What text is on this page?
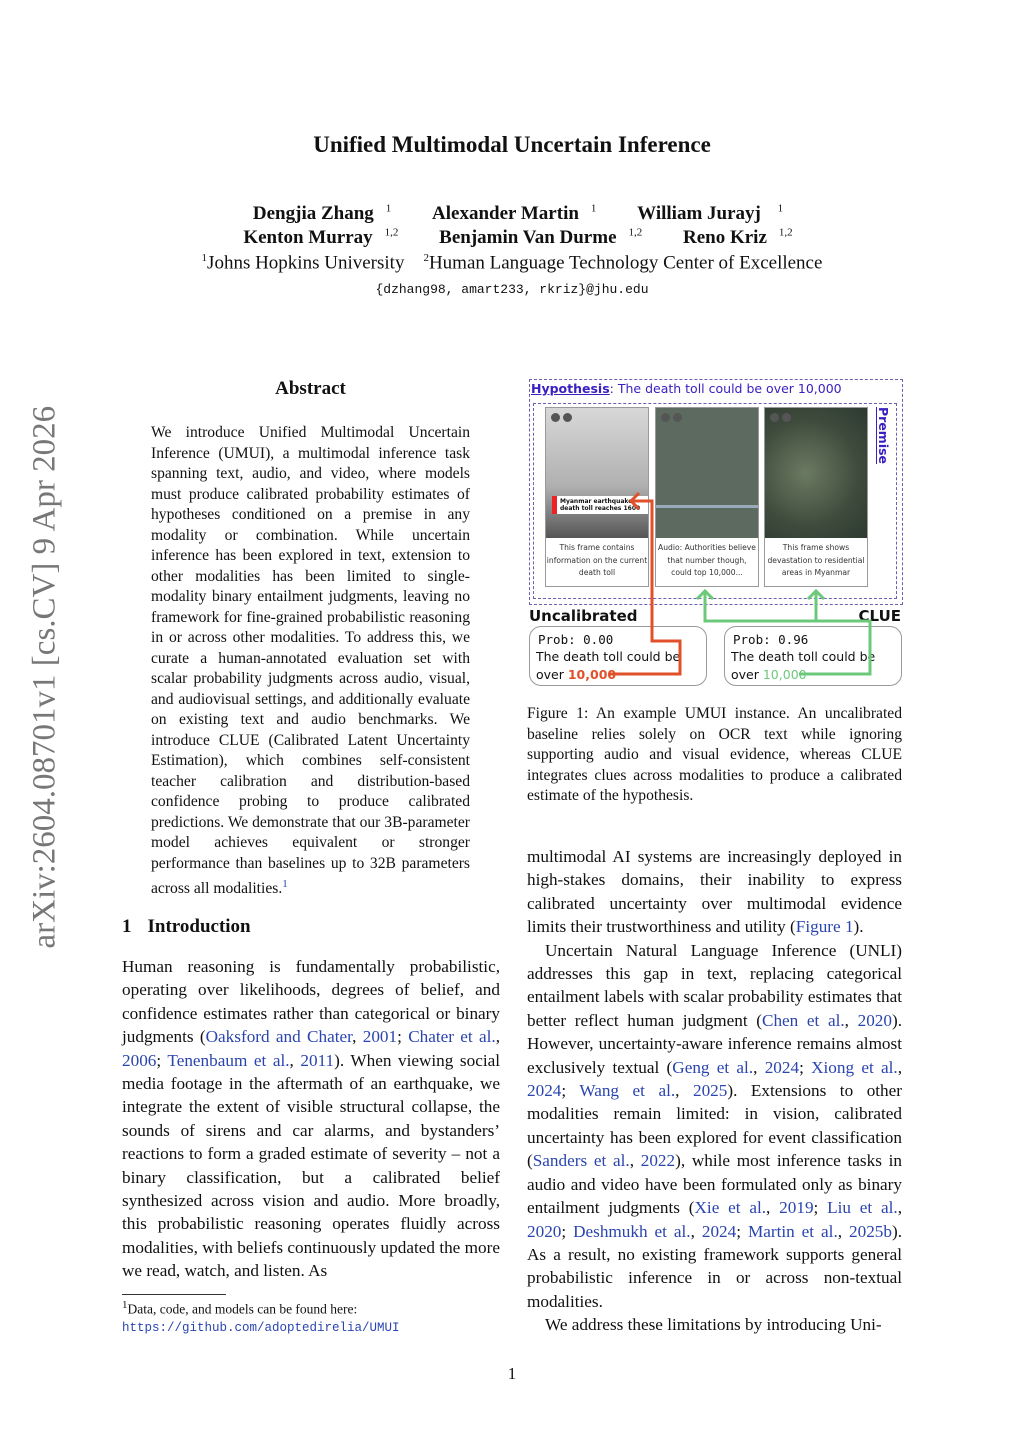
Unified Multimodal Uncertain Inference
Dengjia Zhang $^1$ Alexander Martin $^1$ William Jurayj $^1$
Kenton Murray $^{1,2}$ Benjamin Van Durme $^{1,2}$ Reno Kriz $^{1,2}$
$^1$Johns Hopkins University $^2$Human Language Technology Center of Excellence
{dzhang98, amart233, rkriz}@jhu.edu
arXiv:2604.08701v1 [cs.CV] 9 Apr 2026
Abstract
We introduce Unified Multimodal Uncertain Inference (UMUI), a multimodal inference task spanning text, audio, and video, where models must produce calibrated probability estimates of hypotheses conditioned on a premise in any modality or combination. While uncertain inference has been explored in text, extension to other modalities has been limited to single-modality binary entailment judgments, leaving no framework for fine-grained probabilistic reasoning in or across other modalities. To address this, we curate a human-annotated evaluation set with scalar probability judgments across audio, visual, and audiovisual settings, and additionally evaluate on existing text and audio benchmarks. We introduce CLUE (Calibrated Latent Uncertainty Estimation), which combines self-consistent teacher calibration and distribution-based confidence probing to produce calibrated predictions. We demonstrate that our 3B-parameter model achieves equivalent or stronger performance than baselines up to 32B parameters across all modalities.$^1$
1 Introduction

Human reasoning is fundamentally probabilistic, operating over likelihoods, degrees of belief, and confidence estimates rather than categorical or binary judgments (Oaksford and Chater, 2001; Chater et al., 2006; Tenenbaum et al., 2011). When viewing social media footage in the aftermath of an earthquake, we integrate the extent of visible structural collapse, the sounds of sirens and car alarms, and bystanders’ reactions to form a graded estimate of severity – not a binary classification, but a calibrated belief synthesized across vision and audio. More broadly, this probabilistic reasoning operates fluidly across modalities, with beliefs continuously updated the more we read, watch, and listen. As

multimodal AI systems are increasingly deployed in high-stakes domains, their inability to express calibrated uncertainty over multimodal evidence limits their trustworthiness and utility (Figure 1).

Uncertain Natural Language Inference (UNLI) addresses this gap in text, replacing categorical entailment labels with scalar probability estimates that better reflect human judgment (Chen et al., 2020). However, uncertainty-aware inference remains almost exclusively textual (Geng et al., 2024; Xiong et al., 2024; Wang et al., 2025). Extensions to other modalities remain limited: in vision, calibrated uncertainty has been explored for event classification (Sanders et al., 2022), while most inference tasks in audio and video have been formulated only as binary entailment judgments (Xie et al., 2019; Liu et al., 2020; Deshmukh et al., 2024; Martin et al., 2025b). As a result, no existing framework supports general probabilistic inference in or across non-textual modalities.

We address these limitations by introducing Uni-

$^1$Data, code, and models can be found here: https://github.com/adoptedirelia/UMUI
1
Hypothesis: The death toll could be over 10,000
Premise
Myanmar earthquake death toll reaches 1600
This frame contains information on the current death toll
Audio: Authorities believe that number though, could top 10,000...
This frame shows devastation to residential areas in Myanmar
Uncalibrated	CLUE
Prob: 0.00
The death toll could be
over 10,000
Prob: 0.96
The death toll could be
over 10,000
Figure 1: An example UMUI instance. An uncalibrated baseline relies solely on OCR text while ignoring supporting audio and visual evidence, whereas CLUE integrates clues across modalities to produce a calibrated estimate of the hypothesis.
